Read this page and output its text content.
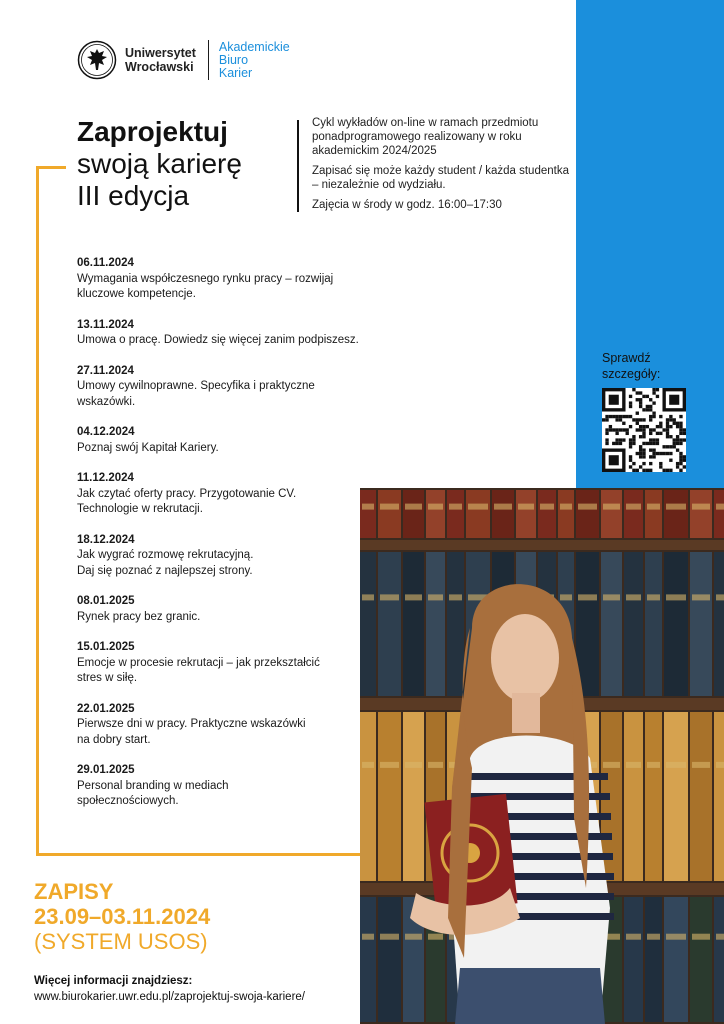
Uniwersytet
Wrocławski
Akademickie
Biuro
Karier
Zaprojektuj
swoją karierę
III edycja

Cykl wykładów on-line w ramach przedmiotu ponadprogramowego realizowany w roku akademickim 2024/2025

Zapisać się może każdy student / każda studentka – niezależnie od wydziału.

Zajęcia w środy w godz. 16:00–17:30

06.11.2024
Wymagania współczesnego rynku pracy – rozwijaj
kluczowe kompetencje.
13.11.2024
Umowa o pracę. Dowiedz się więcej zanim podpiszesz.
27.11.2024
Umowy cywilnoprawne. Specyfika i praktyczne
wskazówki.
04.12.2024
Poznaj swój Kapitał Kariery.
11.12.2024
Jak czytać oferty pracy. Przygotowanie CV.
Technologie w rekrutacji.
18.12.2024
Jak wygrać rozmowę rekrutacyjną.
Daj się poznać z najlepszej strony.
08.01.2025
Rynek pracy bez granic.
15.01.2025
Emocje w procesie rekrutacji – jak przekształcić
stres w siłę.
22.01.2025
Pierwsze dni w pracy. Praktyczne wskazówki
na dobry start.
29.01.2025
Personal branding w mediach
społecznościowych.
Sprawdź
szczegóły:
ZAPISY
23.09–03.11.2024
(SYSTEM USOS)
Więcej informacji znajdziesz:
www.biurokarier.uwr.edu.pl/zaprojektuj-swoja-kariere/
